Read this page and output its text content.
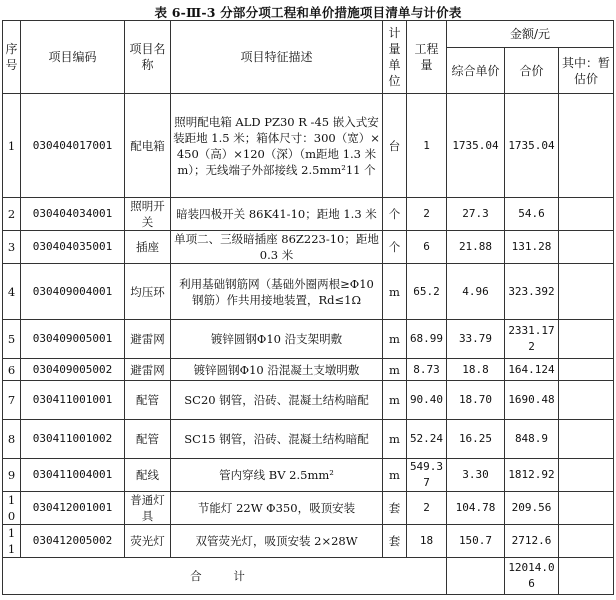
表 6-Ⅲ-3 分部分项工程和单价措施项目清单与计价表
序号	项目编码	项目名称	项目特征描述	计量单位	工程量	金额/元		
						综合单价	合价	其中：暂估价
1	030404017001	配电箱	照明配电箱 ALD PZ30 R -45 嵌入式安装距地 1.5 米；箱体尺寸：300（宽）×450（高）×120（深）（m距地 1.3 米 m）；无线端子外部接线 2.5mm²11 个	台	1	1735.04	1735.04	
2	030404034001	照明开关	暗装四极开关 86K41-10；距地 1.3 米	个	2	27.3	54.6	
3	030404035001	插座	单项二、三级暗插座 86Z223-10；距地 0.3 米	个	6	21.88	131.28	
4	030409004001	均压环	利用基础钢筋网（基础外圈两根≥Φ10 钢筋）作共用接地装置，Rd≤1Ω	m	65.2	4.96	323.392	
5	030409005001	避雷网	镀锌圆钢Φ10 沿支架明敷	m	68.99	33.79	2331.172	
6	030409005002	避雷网	镀锌圆钢Φ10 沿混凝土支墩明敷	m	8.73	18.8	164.124	
7	030411001001	配管	SC20 钢管，沿砖、混凝土结构暗配	m	90.40	18.70	1690.48	
8	030411001002	配管	SC15 钢管，沿砖、混凝土结构暗配	m	52.24	16.25	848.9	
9	030411004001	配线	管内穿线 BV 2.5mm²	m	549.37	3.30	1812.92	
10	030412001001	普通灯具	节能灯 22W Φ350，吸顶安装	套	2	104.78	209.56	
11	030412005002	荧光灯	双管荧光灯，吸顶安装 2×28W	套	18	150.7	2712.6	
合 计							12014.06	
